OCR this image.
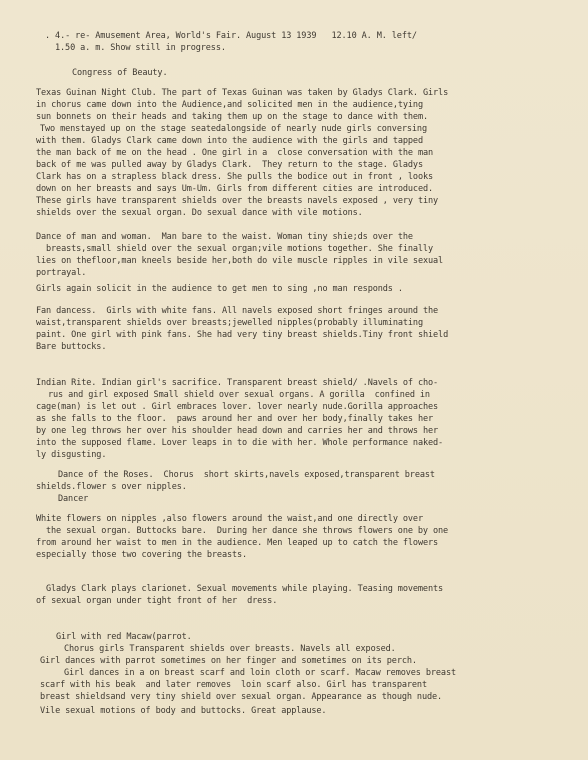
. 4.- re- Amusement Area, World's Fair. August 13 1939   12.10 A. M. left/

1.50 a. m. Show still in progress.

Congress of Beauty.

Texas Guinan Night Club. The part of Texas Guinan was taken by Gladys Clark. Girls

in chorus came down into the Audience,and solicited men in the audience,tying

sun bonnets on their heads and taking them up on the stage to dance with them.

Two menstayed up on the stage seatedalongside of nearly nude girls conversing

with them. Gladys Clark came down into the audience with the girls and tapped

the man back of me on the head . One girl in a  close conversation with the man

back of me was pulled away by Gladys Clark.  They return to the stage. Gladys

Clark has on a strapless black dress. She pulls the bodice out in front , looks

down on her breasts and says Um-Um. Girls from different cities are introduced.

These girls have transparent shields over the breasts navels exposed , very tiny

shields over the sexual organ. Do sexual dance with vile motions.

Dance of man and woman.  Man bare to the waist. Woman tiny shie;ds over the

breasts,small shield over the sexual organ;vile motions together. She finally

lies on thefloor,man kneels beside her,both do vile muscle ripples in vile sexual

portrayal.

Girls again solicit in the audience to get men to sing ,no man responds .

Fan dancess.  Girls with white fans. All navels exposed short fringes around the

waist,transparent shields over breasts;jewelled nipples(probably illuminating

paint. One girl with pink fans. She had very tiny breast shields.Tiny front shield

Bare buttocks.

Indian Rite. Indian girl's sacrifice. Transparent breast shield/ .Navels of cho-

rus and girl exposed Small shield over sexual organs. A gorilla  confined in

cage(man) is let out . Girl embraces lover. lover nearly nude.Gorilla approaches

as she falls to the floor.  paws around her and over her body,finally takes her

by one leg throws her over his shoulder head down and carries her and throws her

into the supposed flame. Lover leaps in to die with her. Whole performance naked-

ly disgusting.

Dance of the Roses.  Chorus  short skirts,navels exposed,transparent breast

shields.flower s over nipples.

Dancer

White flowers on nipples ,also flowers around the waist,and one directly over

the sexual organ. Buttocks bare.  During her dance she throws flowers one by one

from around her waist to men in the audience. Men leaped up to catch the flowers

especially those two covering the breasts.

Gladys Clark plays clarionet. Sexual movements while playing. Teasing movements

of sexual organ under tight front of her  dress.

Girl with red Macaw(parrot.

Chorus girls Transparent shields over breasts. Navels all exposed.

Girl dances with parrot sometimes on her finger and sometimes on its perch.

Girl dances in a on breast scarf and loin cloth or scarf. Macaw removes breast

scarf with his beak  and later removes  loin scarf also. Girl has transparent

breast shieldsand very tiny shield over sexual organ. Appearance as though nude.

Vile sexual motions of body and buttocks. Great applause.
